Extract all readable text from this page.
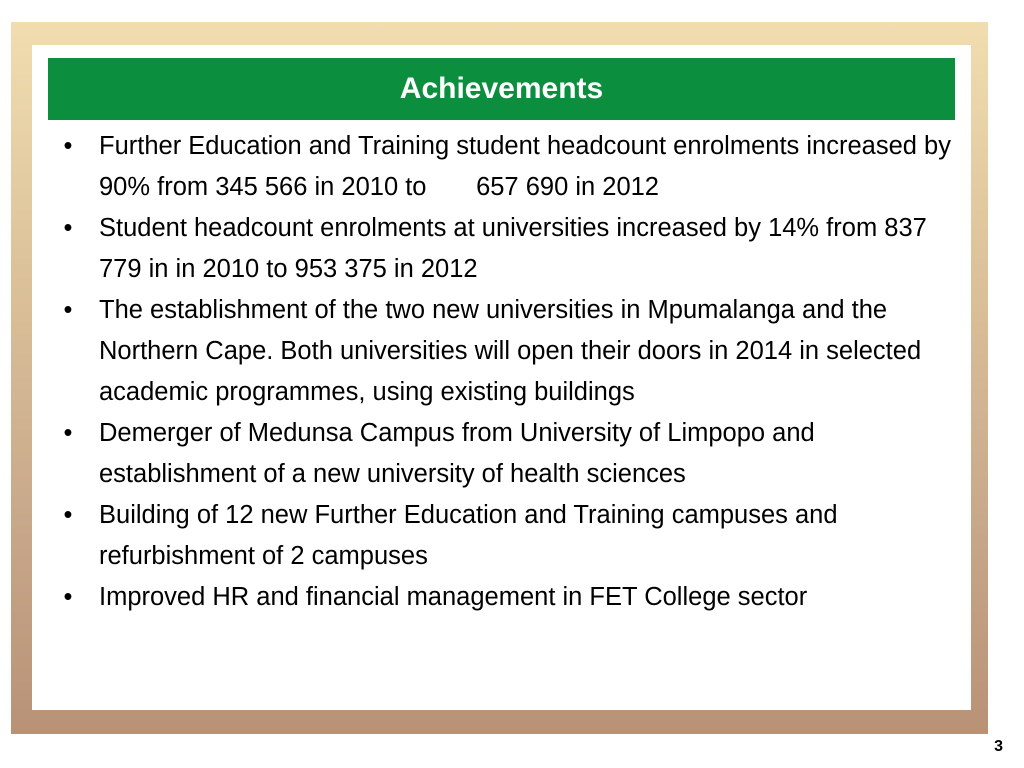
Achievements
• Further Education and Training student headcount enrolments increased by 90% from 345 566 in 2010 to       657 690 in 2012
• Student headcount enrolments at universities increased by 14% from 837 779 in in 2010 to 953 375 in 2012
• The establishment of the two new universities in Mpumalanga and the Northern Cape. Both universities will open their doors in 2014 in selected academic programmes, using existing buildings
• Demerger of Medunsa Campus from University of Limpopo and establishment of a new university of health sciences
• Building of 12 new Further Education and Training campuses and refurbishment of 2 campuses
• Improved HR and financial management in FET College sector
3
